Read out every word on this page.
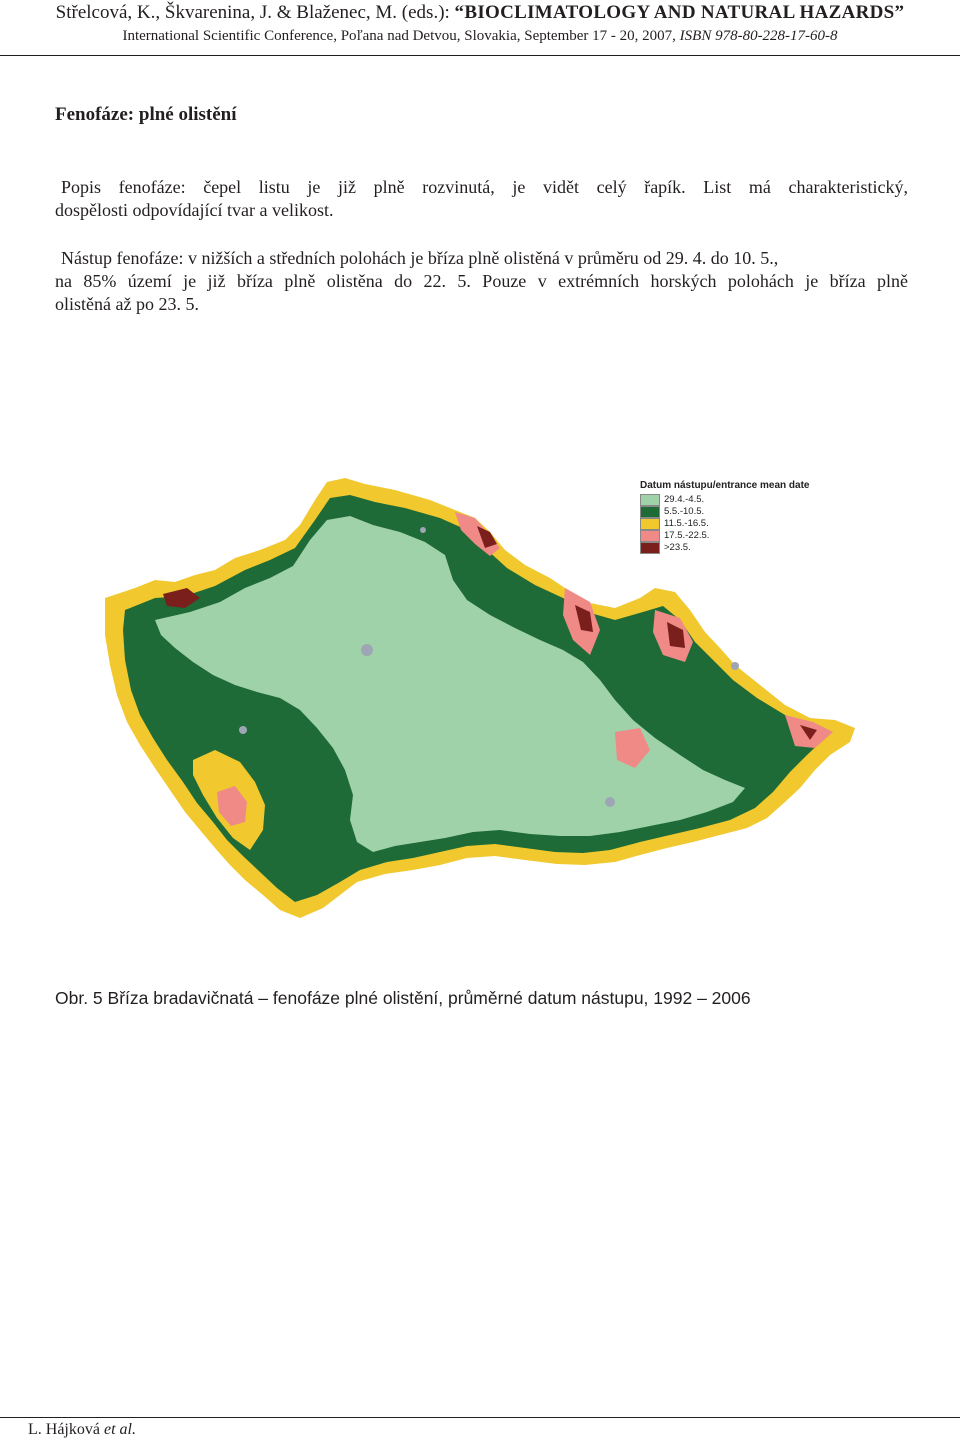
Střelcová, K., Škvarenina, J. & Blaženec, M. (eds.): “BIOCLIMATOLOGY AND NATURAL HAZARDS”
International Scientific Conference, Poľana nad Detvou, Slovakia, September 17 - 20, 2007, ISBN 978-80-228-17-60-8
Fenofáze: plné olistění
Popis fenofáze: čepel listu je již plně rozvinutá, je vidět celý řapík. List má charakteristický,
dospělosti odpovídající tvar a velikost.
Nástup fenofáze: v nižších a středních polohách je bříza plně olistěná v průměru od 29. 4. do 10. 5.,
na 85% území je již bříza plně olistěna do 22. 5. Pouze v extrémních horských polohách je bříza plně
olistěná až po 23. 5.
Datum nástupu/entrance mean date
29.4.-4.5.
5.5.-10.5.
11.5.-16.5.
17.5.-22.5.
>23.5.
Obr. 5 Bříza bradavičnatá – fenofáze plné olistění, průměrné datum nástupu, 1992 – 2006
L. Hájková et al.
